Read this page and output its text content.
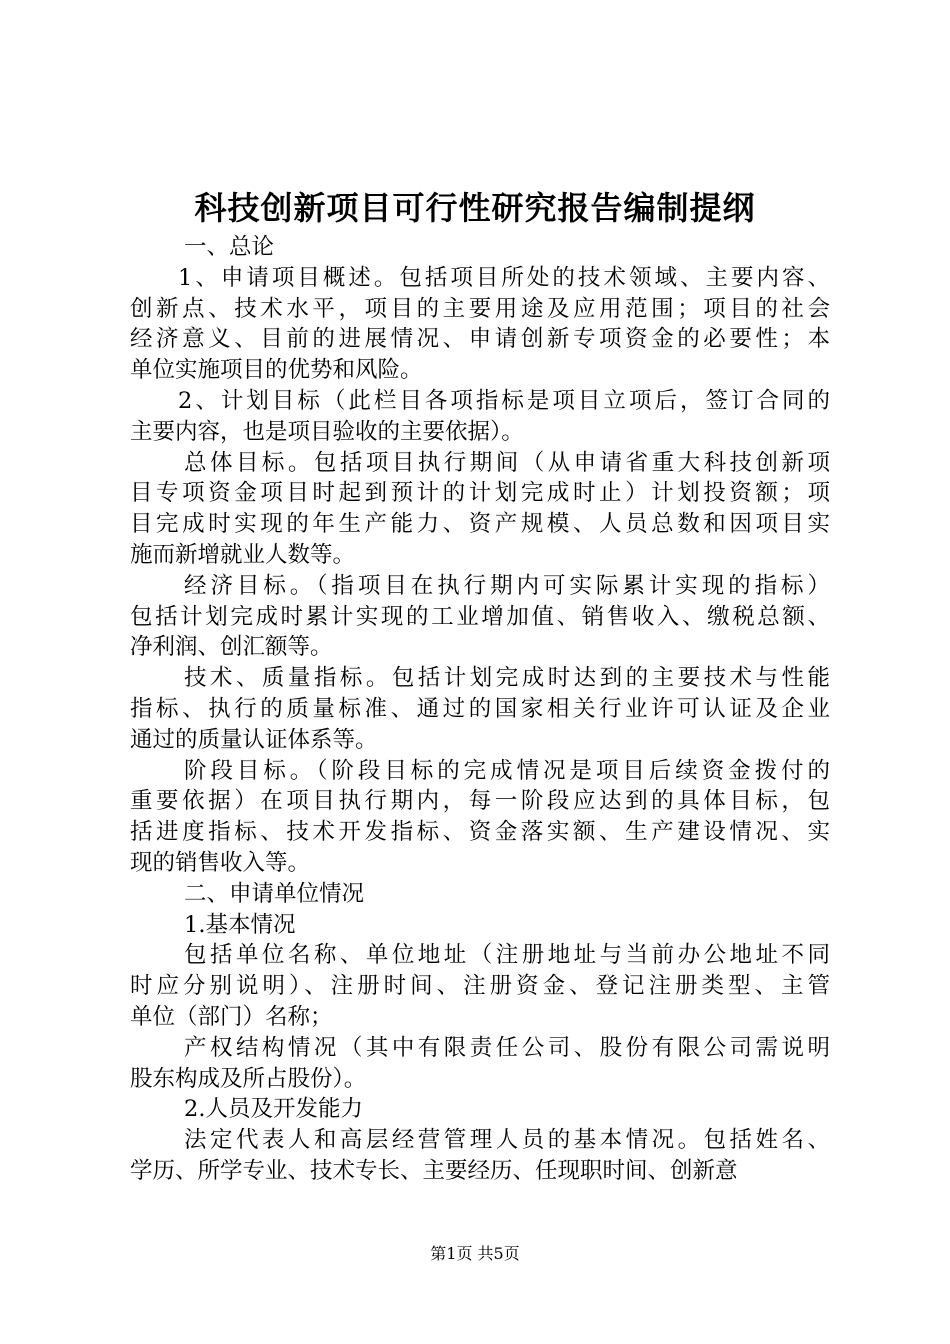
科技创新项目可行性研究报告编制提纲
一、总论
1、申请项目概述。包括项目所处的技术领域、主要内容、
创新点、技术水平，项目的主要用途及应用范围；项目的社会
经济意义、目前的进展情况、申请创新专项资金的必要性；本
单位实施项目的优势和风险。
2、计划目标（此栏目各项指标是项目立项后，签订合同的
主要内容，也是项目验收的主要依据）。
总体目标。包括项目执行期间（从申请省重大科技创新项
目专项资金项目时起到预计的计划完成时止）计划投资额；项
目完成时实现的年生产能力、资产规模、人员总数和因项目实
施而新增就业人数等。
经济目标。（指项目在执行期内可实际累计实现的指标）
包括计划完成时累计实现的工业增加值、销售收入、缴税总额、
净利润、创汇额等。
技术、质量指标。包括计划完成时达到的主要技术与性能
指标、执行的质量标准、通过的国家相关行业许可认证及企业
通过的质量认证体系等。
阶段目标。（阶段目标的完成情况是项目后续资金拨付的
重要依据）在项目执行期内，每一阶段应达到的具体目标，包
括进度指标、技术开发指标、资金落实额、生产建设情况、实
现的销售收入等。
二、申请单位情况
1.基本情况
包括单位名称、单位地址（注册地址与当前办公地址不同
时应分别说明）、注册时间、注册资金、登记注册类型、主管
单位（部门）名称；
产权结构情况（其中有限责任公司、股份有限公司需说明
股东构成及所占股份）。
2.人员及开发能力
法定代表人和高层经营管理人员的基本情况。包括姓名、
学历、所学专业、技术专长、主要经历、任现职时间、创新意
第1页 共5页
